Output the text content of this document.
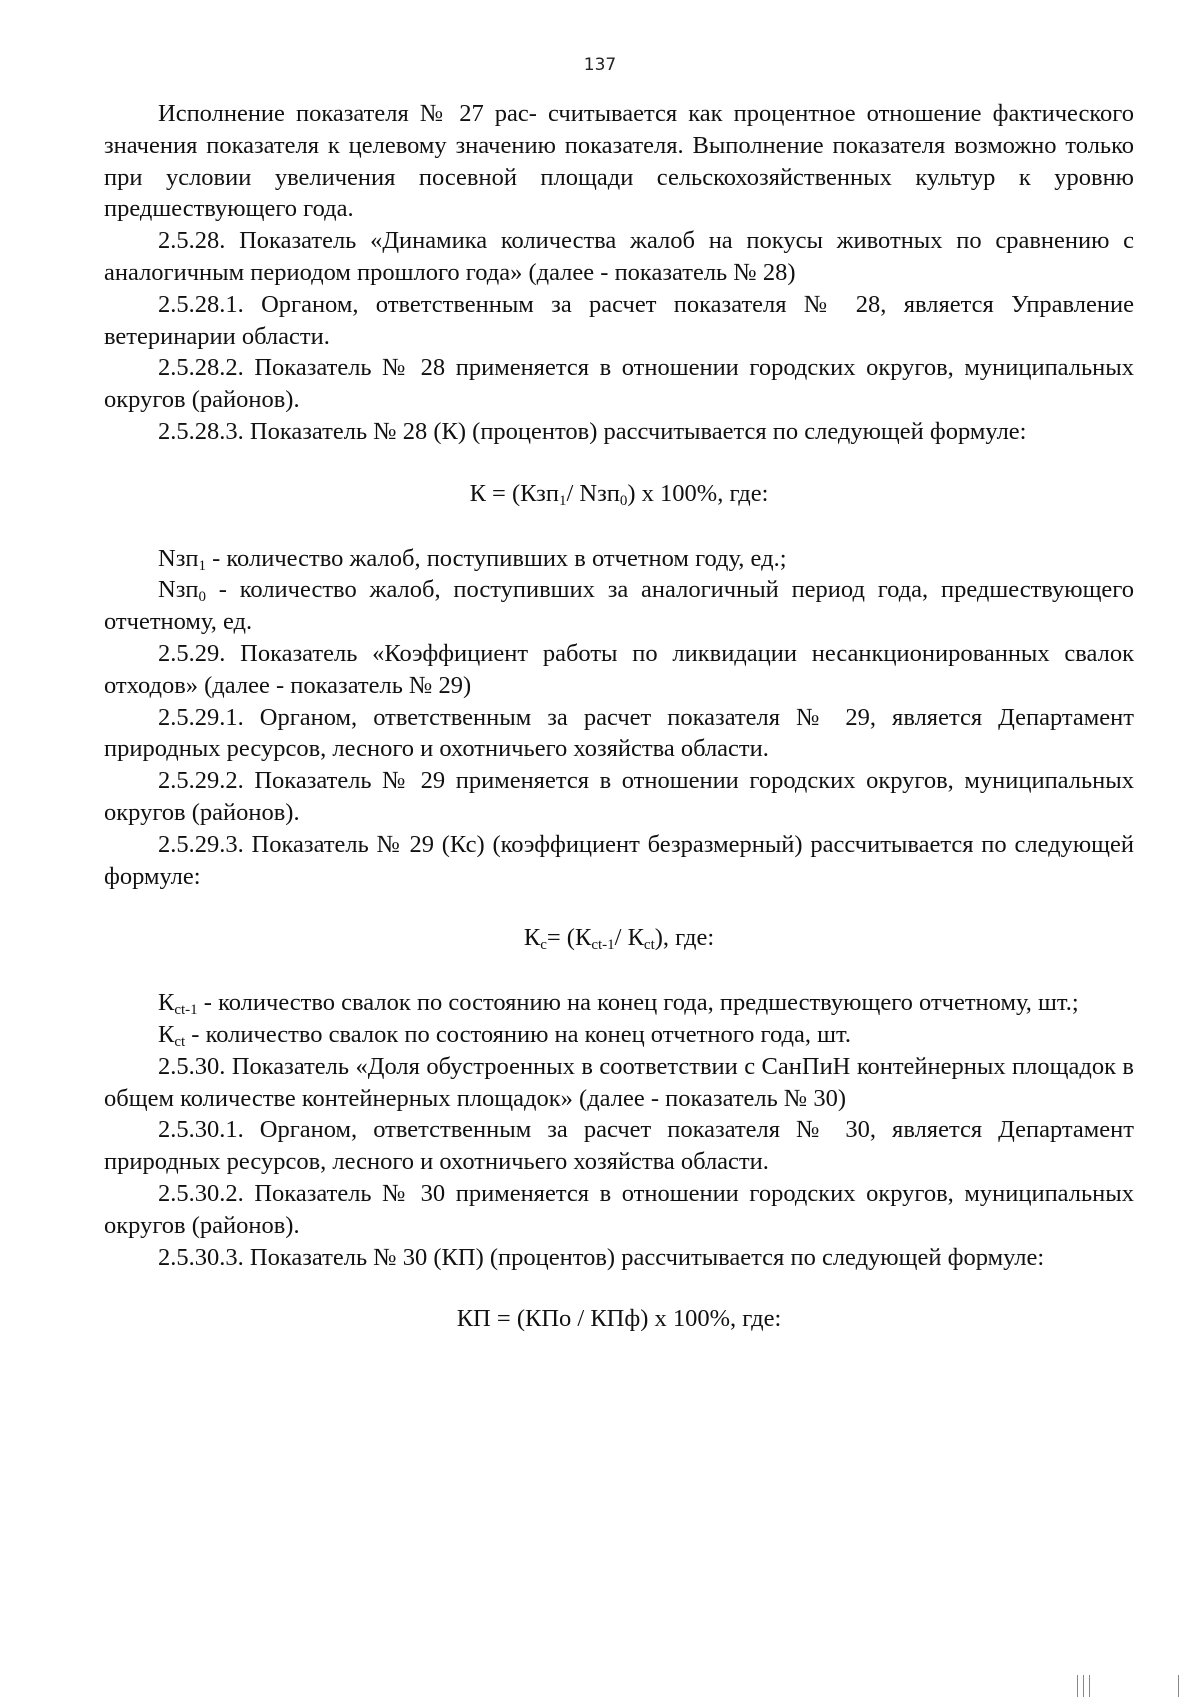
137

Исполнение показателя № 27 рас- считывается как процентное отношение фактического значения показателя к целевому значению показателя. Выполнение показателя возможно только при условии увеличения посевной площади сельскохозяйственных культур к уровню предшествующего года.

2.5.28. Показатель «Динамика количества жалоб на покусы животных по сравнению с аналогичным периодом прошлого года» (далее - показатель № 28)

2.5.28.1. Органом, ответственным за расчет показателя № 28, является Управление ветеринарии области.

2.5.28.2. Показатель № 28 применяется в отношении городских округов, муниципальных округов (районов).

2.5.28.3. Показатель № 28 (К) (процентов) рассчитывается по следующей формуле:

К = (Кзп$_1$/ Nзп$_0$) х 100%, где:

Nзп$_1$ - количество жалоб, поступивших в отчетном году, ед.;

Nзп$_0$ - количество жалоб, поступивших за аналогичный период года, предшествующего отчетному, ед.

2.5.29. Показатель «Коэффициент работы по ликвидации несанкционированных свалок отходов» (далее - показатель № 29)

2.5.29.1. Органом, ответственным за расчет показателя № 29, является Департамент природных ресурсов, лесного и охотничьего хозяйства области.

2.5.29.2. Показатель № 29 применяется в отношении городских округов, муниципальных округов (районов).

2.5.29.3. Показатель № 29 (Кс) (коэффициент безразмерный) рассчитывается по следующей формуле:

$К_с= (К_{ct-1}/$ $К_{ct}$), где:

$К_{ct-1}$ - количество свалок по состоянию на конец года, предшествующего отчетному, шт.;

$К_{ct}$ - количество свалок по состоянию на конец отчетного года, шт.

2.5.30. Показатель «Доля обустроенных в соответствии с СанПиН контейнерных площадок в общем количестве контейнерных площадок» (далее - показатель № 30)

2.5.30.1. Органом, ответственным за расчет показателя № 30, является Департамент природных ресурсов, лесного и охотничьего хозяйства области.

2.5.30.2. Показатель № 30 применяется в отношении городских округов, муниципальных округов (районов).

2.5.30.3. Показатель № 30 (КП) (процентов) рассчитывается по следующей формуле:

КП = (КПо / КПф) х 100%, где:
